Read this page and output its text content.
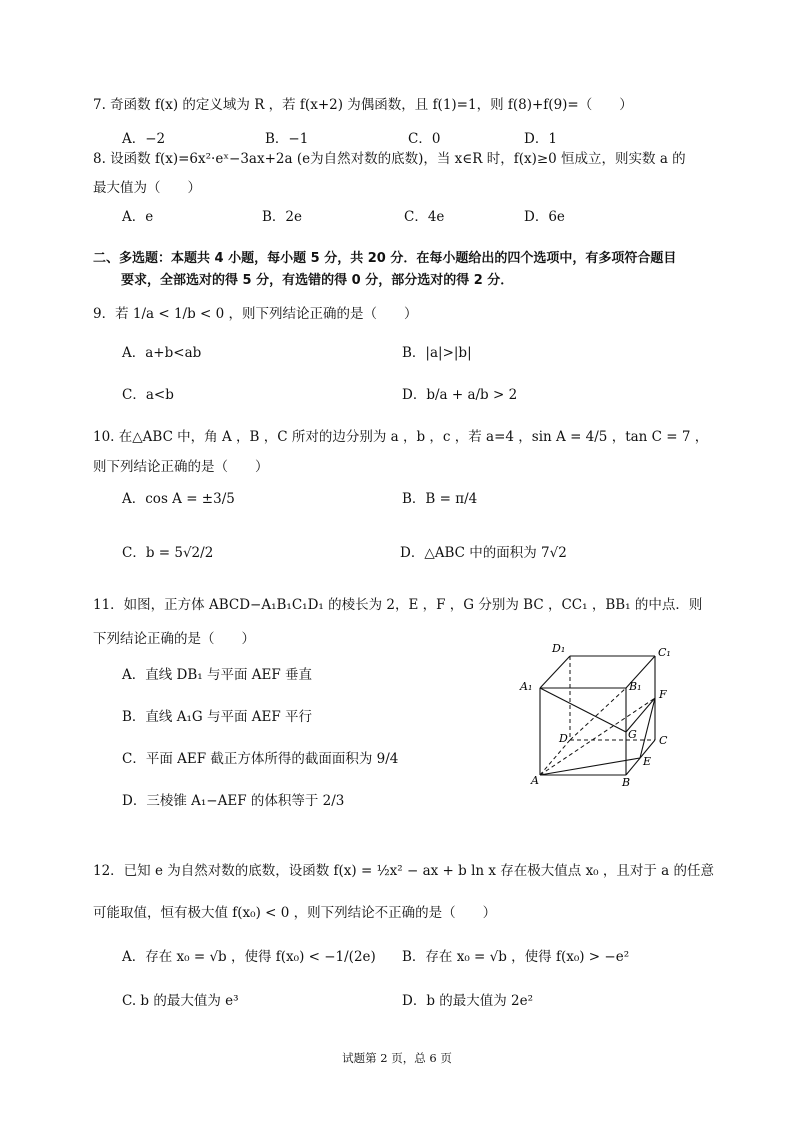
7. 奇函数 f(x) 的定义域为 R ，若 f(x+2) 为偶函数，且 f(1)=1，则 f(8)+f(9)=（　　）
A．−2	B．−1	C．0	D．1
8. 设函数 f(x)=6x²·eˣ−3ax+2a (e为自然对数的底数)，当 x∈R 时，f(x)≥0 恒成立，则实数 a 的
最大值为（　　）
A．e	B．2e	C．4e	D．6e
二、多选题：本题共 4 小题，每小题 5 分，共 20 分．在每小题给出的四个选项中，有多项符合题目
要求，全部选对的得 5 分，有选错的得 0 分，部分选对的得 2 分．
9．若 1/a < 1/b < 0 ，则下列结论正确的是（　　）
A．a+b<ab	B．|a|>|b|
C．a<b	D．b/a + a/b > 2
10. 在△ABC 中，角 A ，B ，C 所对的边分别为 a ，b ，c ，若 a=4 ，sin A = 4/5 ，tan C = 7 ，
则下列结论正确的是（　　）
A．cos A = ±3/5	B．B = π/4
C．b = 5√2/2	D．△ABC 中的面积为 7√2
11．如图，正方体 ABCD−A₁B₁C₁D₁ 的棱长为 2，E ，F ，G 分别为 BC ，CC₁ ，BB₁ 的中点．则
下列结论正确的是（　　）
A．直线 DB₁ 与平面 AEF 垂直
B．直线 A₁G 与平面 AEF 平行
C．平面 AEF 截正方体所得的截面面积为 9/4
D．三棱锥 A₁−AEF 的体积等于 2/3
D₁	C₁
A₁	B₁
F
G
D	C
A	B
E
12．已知 e 为自然对数的底数，设函数 f(x) = ½x² − ax + b ln x 存在极大值点 x₀ ，且对于 a 的任意
可能取值，恒有极大值 f(x₀) < 0 ，则下列结论不正确的是（　　）
A．存在 x₀ = √b ，使得 f(x₀) < −1/(2e) B．存在 x₀ = √b ，使得 f(x₀) > −e²
C. b 的最大值为 e³	D．b 的最大值为 2e²
试题第 2 页，总 6 页
